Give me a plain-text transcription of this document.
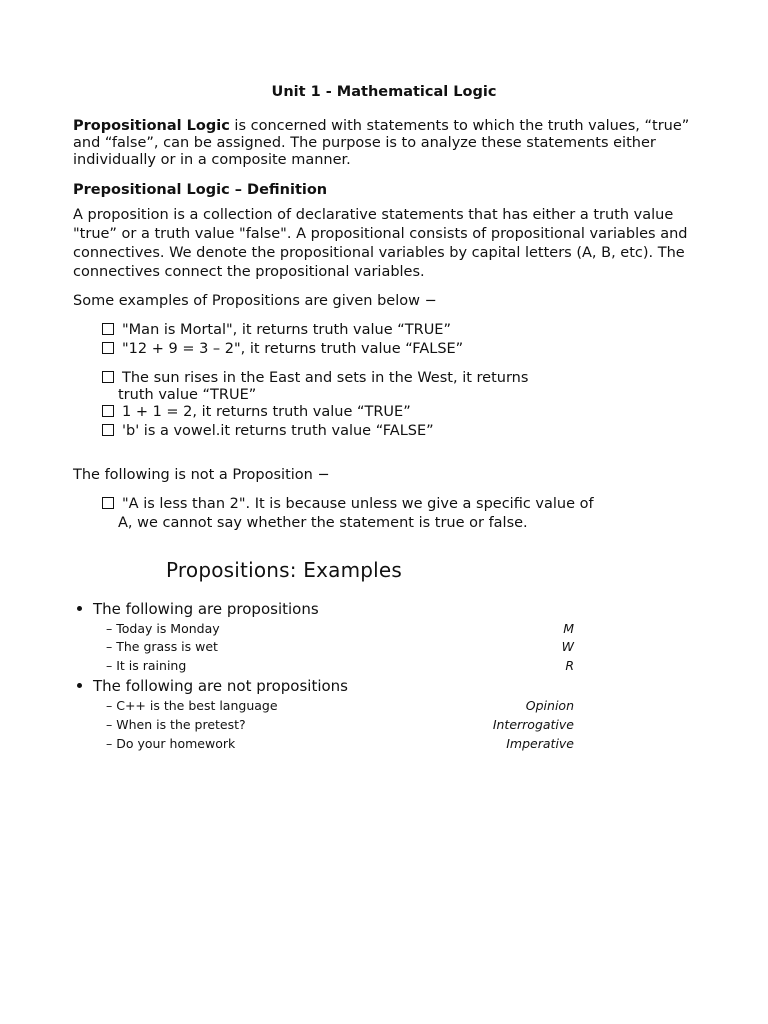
Unit 1 - Mathematical Logic
Propositional Logic is concerned with statements to which the truth values, “true” and “false”, can be assigned. The purpose is to analyze these statements either individually or in a composite manner.
Prepositional Logic – Definition
A proposition is a collection of declarative statements that has either a truth value "true” or a truth value "false". A propositional consists of propositional variables and connectives. We denote the propositional variables by capital letters (A, B, etc). The connectives connect the propositional variables.
Some examples of Propositions are given below −
"Man is Mortal", it returns truth value “TRUE”
"12 + 9 = 3 – 2", it returns truth value “FALSE”
The sun rises in the East and sets in the West, it returns
truth value “TRUE”
1 + 1 = 2, it returns truth value “TRUE”
'b' is a vowel.it returns truth value “FALSE”
The following is not a Proposition −
"A is less than 2". It is because unless we give a specific value of
A, we cannot say whether the statement is true or false.
Propositions: Examples
The following are propositions
– Today is Monday	M
– The grass is wet	W
– It is raining	R
The following are not propositions
– C++ is the best language	Opinion
– When is the pretest?	Interrogative
– Do your homework	Imperative
